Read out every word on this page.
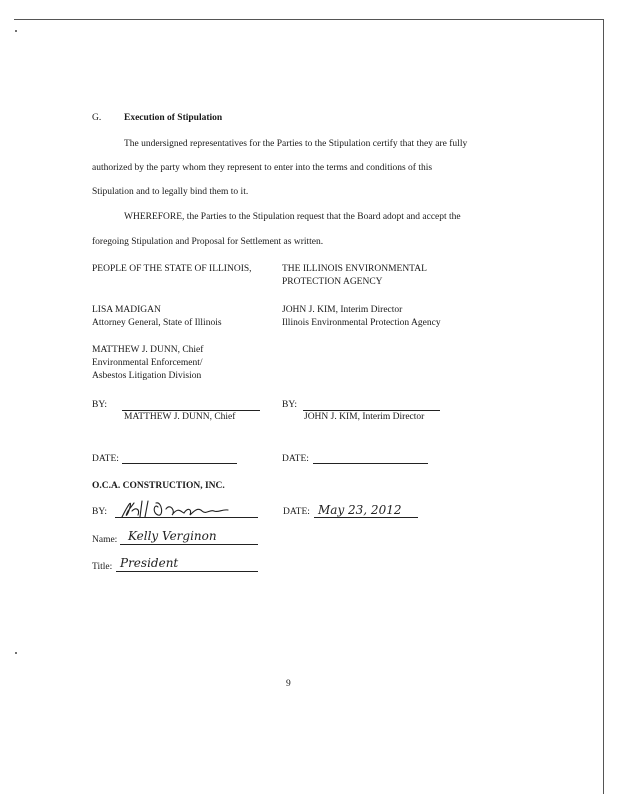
G. Execution of Stipulation
The undersigned representatives for the Parties to the Stipulation certify that they are fully
authorized by the party whom they represent to enter into the terms and conditions of this
Stipulation and to legally bind them to it.
WHEREFORE, the Parties to the Stipulation request that the Board adopt and accept the
foregoing Stipulation and Proposal for Settlement as written.
PEOPLE OF THE STATE OF ILLINOIS,
LISA MADIGAN
Attorney General, State of Illinois
MATTHEW J. DUNN, Chief
Environmental Enforcement/
Asbestos Litigation Division
THE ILLINOIS ENVIRONMENTAL
PROTECTION AGENCY
JOHN J. KIM, Interim Director
Illinois Environmental Protection Agency
BY:
MATTHEW J. DUNN, Chief
BY:
JOHN J. KIM, Interim Director
DATE:	DATE:
O.C.A. CONSTRUCTION, INC.
BY:	DATE: May 23, 2012
Name: Kelly Verginon
Title: President
9
